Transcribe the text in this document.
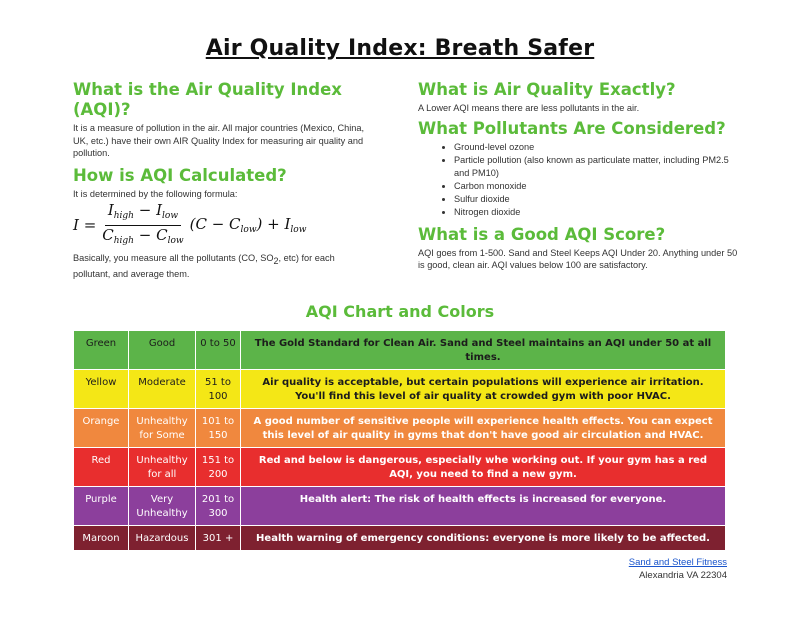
Air Quality Index: Breath Safer
What is the Air Quality Index (AQI)?

It is a measure of pollution in the air. All major countries (Mexico, China, UK, etc.) have their own AIR Quality Index for measuring air quality and pollution.

How is AQI Calculated?

It is determined by the following formula:

$I = \frac{I_{high} - I_{low}}{C_{high} - C_{low}} (C - C_{low}) + I_{low}$

Basically, you measure all the pollutants (CO, $SO_2$, etc) for each pollutant, and average them.

What is Air Quality Exactly?

A Lower AQI means there are less pollutants in the air.

What Pollutants Are Considered?
• Ground-level ozone
• Particle pollution (also known as particulate matter, including PM2.5 and PM10)
• Carbon monoxide
• Sulfur dioxide
• Nitrogen dioxide
What is a Good AQI Score?

AQI goes from 1-500. Sand and Steel Keeps AQI Under 20. Anything under 50 is good, clean air. AQI values below 100 are satisfactory.

AQI Chart and Colors
Green	Good	0 to 50	The Gold Standard for Clean Air. Sand and Steel maintains an AQI under 50 at all times.
Yellow	Moderate	51 to 100	Air quality is acceptable, but certain populations will experience air irritation. You'll find this level of air quality at crowded gym with poor HVAC.
Orange	Unhealthy for Some	101 to 150	A good number of sensitive people will experience health effects. You can expect this level of air quality in gyms that don't have good air circulation and HVAC.
Red	Unhealthy for all	151 to 200	Red and below is dangerous, especially whe working out. If your gym has a red AQI, you need to find a new gym.
Purple	Very Unhealthy	201 to 300	Health alert: The risk of health effects is increased for everyone.
Maroon	Hazardous	301 +	Health warning of emergency conditions: everyone is more likely to be affected.
Sand and Steel Fitness
Alexandria VA 22304
